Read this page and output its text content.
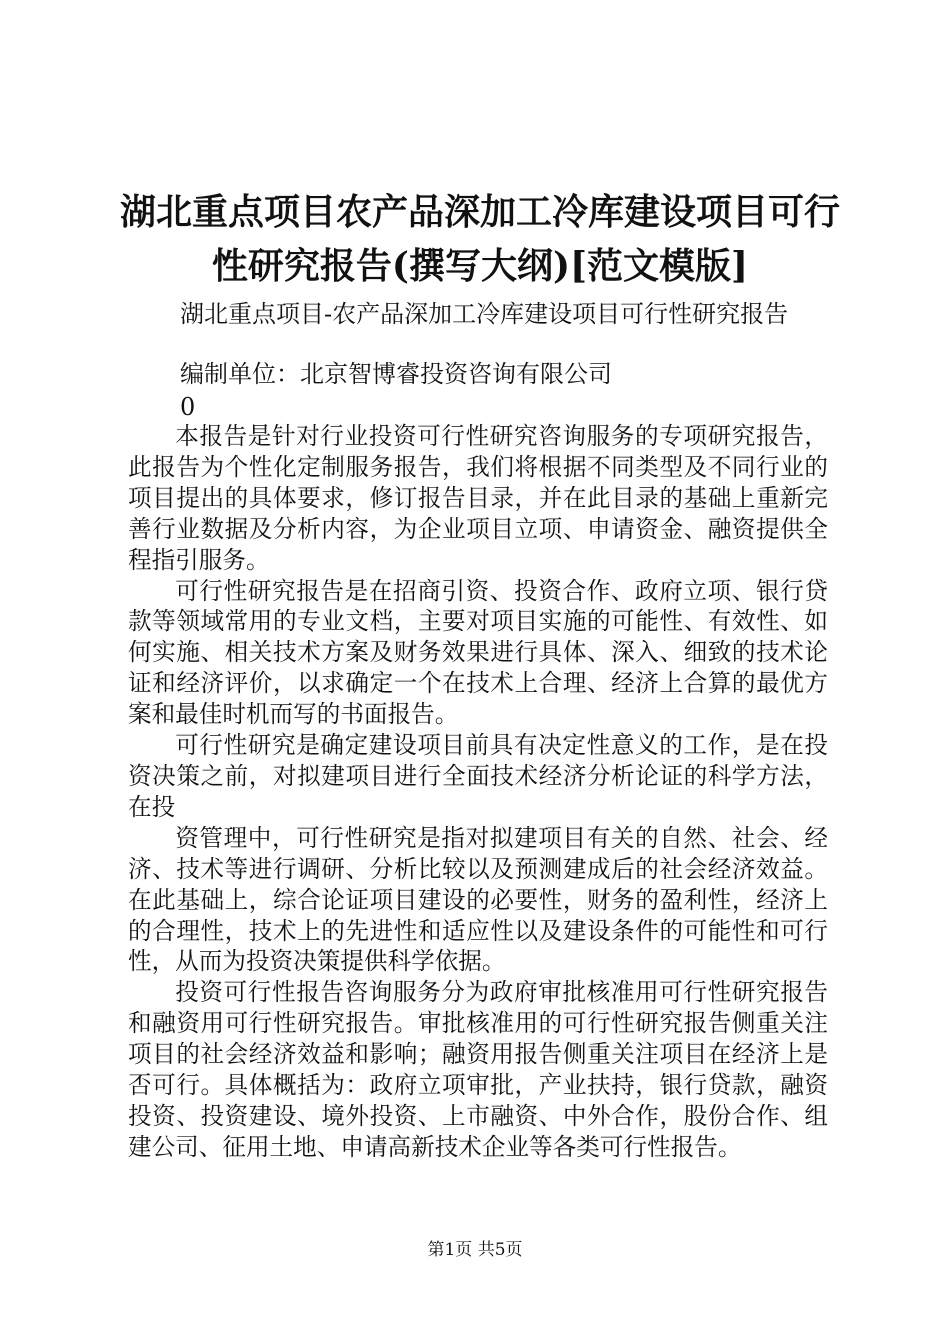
湖北重点项目农产品深加工冷库建设项目可行
性研究报告(撰写大纲)[范文模版]
湖北重点项目-农产品深加工冷库建设项目可行性研究报告
编制单位：北京智博睿投资咨询有限公司
0

本报告是针对行业投资可行性研究咨询服务的专项研究报告，此报告为个性化定制服务报告，我们将根据不同类型及不同行业的项目提出的具体要求，修订报告目录，并在此目录的基础上重新完善行业数据及分析内容，为企业项目立项、申请资金、融资提供全程指引服务。

可行性研究报告是在招商引资、投资合作、政府立项、银行贷款等领域常用的专业文档，主要对项目实施的可能性、有效性、如何实施、相关技术方案及财务效果进行具体、深入、细致的技术论证和经济评价，以求确定一个在技术上合理、经济上合算的最优方案和最佳时机而写的书面报告。

可行性研究是确定建设项目前具有决定性意义的工作，是在投资决策之前，对拟建项目进行全面技术经济分析论证的科学方法，在投

资管理中，可行性研究是指对拟建项目有关的自然、社会、经济、技术等进行调研、分析比较以及预测建成后的社会经济效益。在此基础上，综合论证项目建设的必要性，财务的盈利性，经济上的合理性，技术上的先进性和适应性以及建设条件的可能性和可行性，从而为投资决策提供科学依据。

投资可行性报告咨询服务分为政府审批核准用可行性研究报告和融资用可行性研究报告。审批核准用的可行性研究报告侧重关注项目的社会经济效益和影响；融资用报告侧重关注项目在经济上是否可行。具体概括为：政府立项审批，产业扶持，银行贷款，融资投资、投资建设、境外投资、上市融资、中外合作，股份合作、组建公司、征用土地、申请高新技术企业等各类可行性报告。

第1页 共5页
